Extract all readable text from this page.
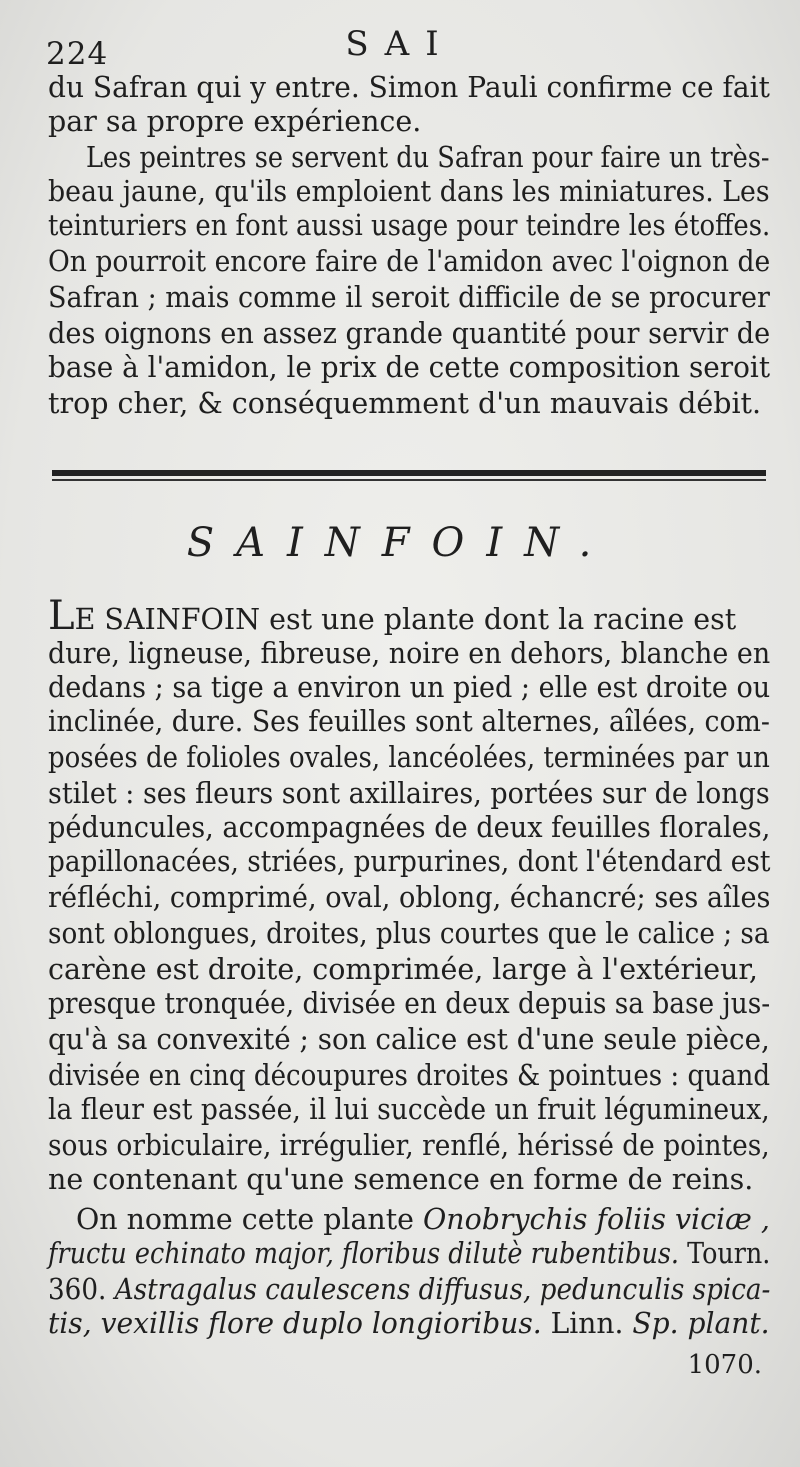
224	SAI
du Safran qui y entre. Simon Pauli confirme ce fait
par sa propre expérience.
Les peintres se servent du Safran pour faire un très-
beau jaune, qu'ils emploient dans les miniatures. Les
teinturiers en font aussi usage pour teindre les étoffes.
On pourroit encore faire de l'amidon avec l'oignon de
Safran ; mais comme il seroit difficile de se procurer
des oignons en assez grande quantité pour servir de
base à l'amidon, le prix de cette composition seroit
trop cher, & conséquemment d'un mauvais débit.
SAINFOIN.
LE SAINFOIN est une plante dont la racine est
dure, ligneuse, fibreuse, noire en dehors, blanche en
dedans ; sa tige a environ un pied ; elle est droite ou
inclinée, dure. Ses feuilles sont alternes, aîlées, com-
posées de folioles ovales, lancéolées, terminées par un
stilet : ses fleurs sont axillaires, portées sur de longs
péduncules, accompagnées de deux feuilles florales,
papillonacées, striées, purpurines, dont l'étendard est
réfléchi, comprimé, oval, oblong, échancré; ses aîles
sont oblongues, droites, plus courtes que le calice ; sa
carène est droite, comprimée, large à l'extérieur,
presque tronquée, divisée en deux depuis sa base jus-
qu'à sa convexité ; son calice est d'une seule pièce,
divisée en cinq découpures droites & pointues : quand
la fleur est passée, il lui succède un fruit légumineux,
sous orbiculaire, irrégulier, renflé, hérissé de pointes,
ne contenant qu'une semence en forme de reins.
On nomme cette plante Onobrychis foliis viciæ ,
fructu echinato major, floribus dilutè rubentibus. Tourn.
360. Astragalus caulescens diffusus, pedunculis spica-
tis, vexillis flore duplo longioribus. Linn. Sp. plant.
1070.
